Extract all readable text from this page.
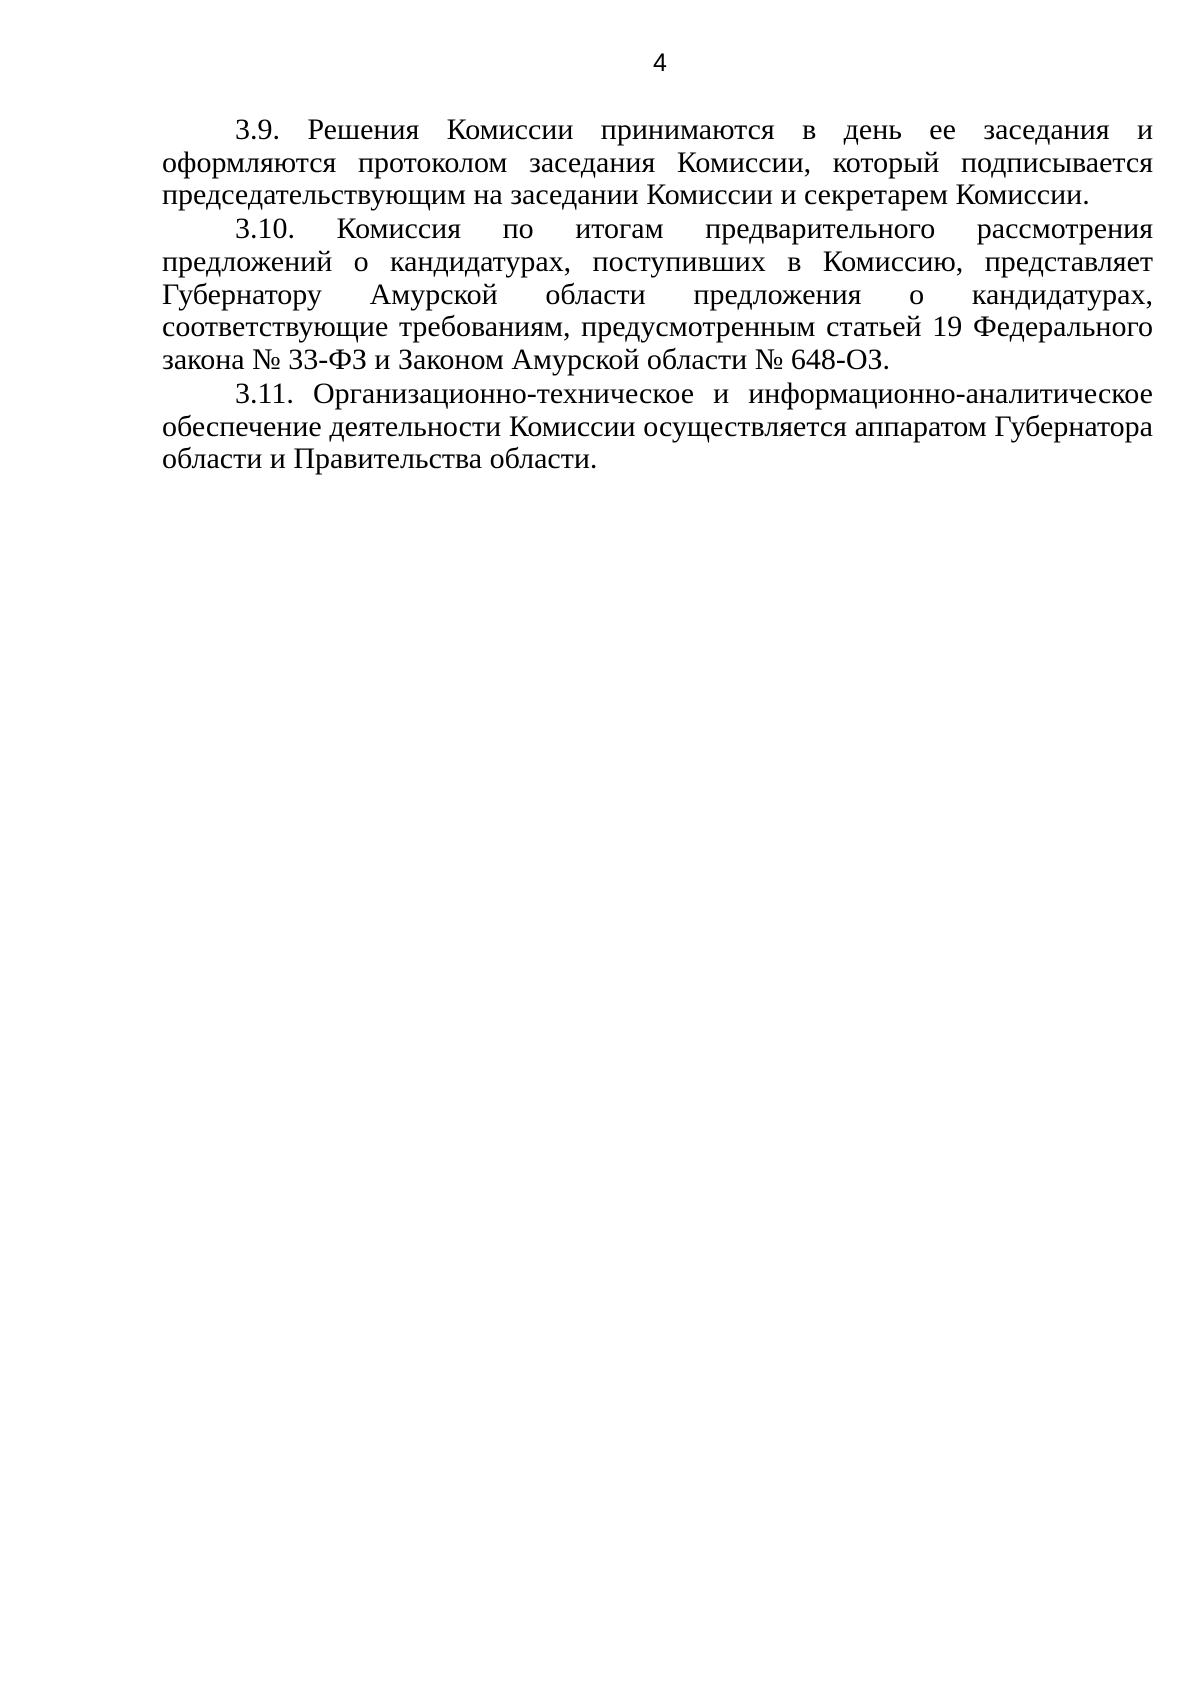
4

3.9. Решения Комиссии принимаются в день ее заседания и оформляются протоколом заседания Комиссии, который подписывается председательствующим на заседании Комиссии и секретарем Комиссии.

3.10. Комиссия по итогам предварительного рассмотрения предложений о кандидатурах, поступивших в Комиссию, представляет Губернатору Амурской области предложения о кандидатурах, соответствующие требованиям, предусмотренным статьей 19 Федерального закона № 33-ФЗ и Законом Амурской области № 648-ОЗ.

3.11. Организационно-техническое и информационно-аналитическое обеспечение деятельности Комиссии осуществляется аппаратом Губернатора области и Правительства области.
